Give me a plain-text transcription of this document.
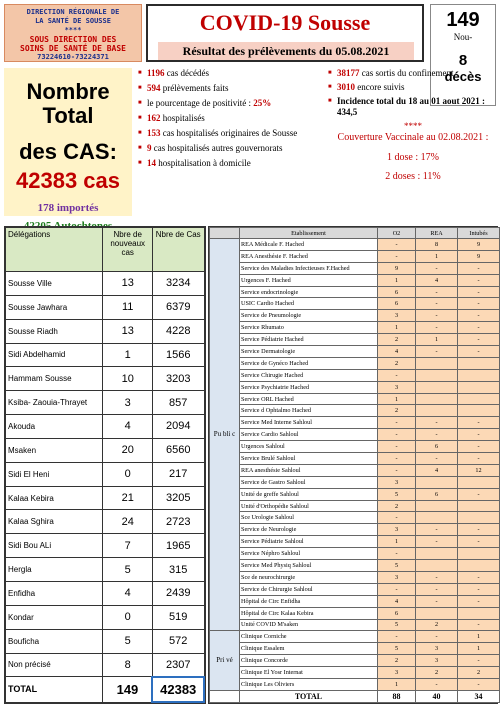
DIRECTION RÉGIONALE DE
LA SANTÉ DE SOUSSE
****
SOUS DIRECTION DES
SOINS DE SANTÉ DE BASE
73224610-73224371
COVID-19 Sousse
Résultat des prélèvements du 05.08.2021
149
Nou-
8
décès
Nombre Total
des CAS:
42383 cas
178 importés
■ 1196 cas décédés
■ 594 prélèvements faits
■ le pourcentage de positivité : 25%
■ 162 hospitalisés
■ 153 cas hospitalisés originaires de Sousse
■ 9 cas hospitalisés autres gouvernorats
■ 14 hospitalisation à domicile
■ 38177 cas sortis du confinement
■ 3010 encore suivis
■ Incidence total du 18 au 01 aout 2021 : 434,5
****
Couverture Vaccinale au 02.08.2021 :
1 dose : 17%
2 doses : 11%
Délégations	Nbre de nouveaux cas	Nbre de Cas
Sousse Ville	13	3234
Sousse Jawhara	11	6379
Sousse Riadh	13	4228
Sidi Abdelhamid	1	1566
Hammam Sousse	10	3203
Ksiba- Zaouia-Thrayet	3	857
Akouda	4	2094
Msaken	20	6560
Sidi El Heni	0	217
Kalaa Kebira	21	3205
Kalaa Sghira	24	2723
Sidi Bou ALi	7	1965
Hergla	5	315
Enfidha	4	2439
Kondar	0	519
Bouficha	5	572
Non précisé	8	2307
TOTAL	149	42383
	Etablissement	O2	REA	Intubés
Pu bli c	REA Médicale F. Hached	-	8	9
	REA Anesthésie F. Hached	-	1	9
	Service des Maladies Infectieuses F.Hached	9	-	-
	Urgences F. Hached	1	4	-
	Service endocrinologie	6	-	-
	USIC Cardio Hached	6	-	-
	Service de Pneumologie	3	-	-
	Service Rhumato	1	-	-
	Service Pédiatrie Hached	2	1	-
	Service Dermatologie	4	-	-
	Service de Gynéco Hached	2		
	Service Chirugie Hached	-		
	Service Psychiatrie Hached	3		
	Service ORL Hached	1		
	Service d Ophtalmo Hached	2		
	Service Med Interne Sahloul	-	-	-
	Service Cardio Sahloul	-	-	-
	Urgences Sahloul	-	6	-
	Service Brulé Sahloul	-	-	-
	REA anesthésie Sahloul	-	4	12
	Service de Gastro Sahloul	3		
	Unité de greffe Sahloul	5	6	-
	Unité d'Orthopédie Sahloul	2		
	Sce Urologie Sahloul	-		
	Service de Neurologie	3	-	-
	Service Pédiatrie Sahloul	1	-	-
	Service Néphro Sahloul	-		
	Service Med Physiq Sahloul	5		
	Sce de neurochirurgie	3	-	-
	Service de Chirurgie Sahloul	-	-	-
	Hôpital de Circ Enfidha	4	-	-
	Hôpital de Circ Kalaa Kebira	6		
	Unité COVID M'saken	5	2	-
Pri vé	Clinique Corniche	-	-	1
	Clinique Essalem	5	3	1
	Clinique Concorde	2	3	-
	Clinique El Yosr Internat	3	2	2
	Clinique Les Oliviers	1	-	-
	TOTAL	88	40	34
